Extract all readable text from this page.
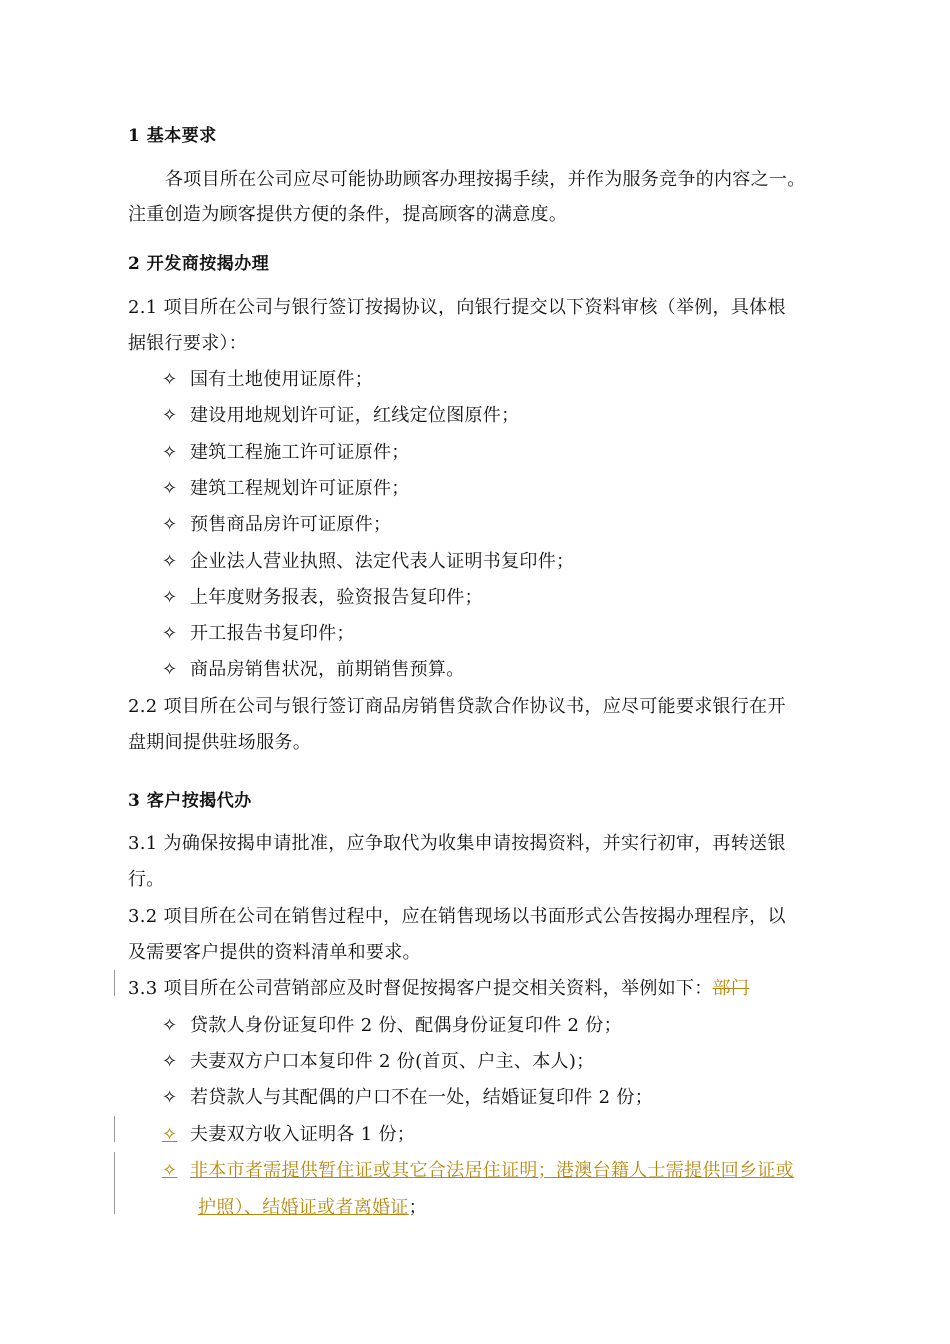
1 基本要求
各项目所在公司应尽可能协助顾客办理按揭手续，并作为服务竞争的内容之一。
注重创造为顾客提供方便的条件，提高顾客的满意度。
2 开发商按揭办理
2.1 项目所在公司与银行签订按揭协议，向银行提交以下资料审核（举例，具体根
据银行要求）：
✧ 国有土地使用证原件；
✧ 建设用地规划许可证，红线定位图原件；
✧ 建筑工程施工许可证原件；
✧ 建筑工程规划许可证原件；
✧ 预售商品房许可证原件；
✧ 企业法人营业执照、法定代表人证明书复印件；
✧ 上年度财务报表，验资报告复印件；
✧ 开工报告书复印件；
✧ 商品房销售状况，前期销售预算。
2.2 项目所在公司与银行签订商品房销售贷款合作协议书，应尽可能要求银行在开
盘期间提供驻场服务。
3 客户按揭代办
3.1 为确保按揭申请批准，应争取代为收集申请按揭资料，并实行初审，再转送银
行。
3.2 项目所在公司在销售过程中，应在销售现场以书面形式公告按揭办理程序，以
及需要客户提供的资料清单和要求。
3.3 项目所在公司营销部应及时督促按揭客户提交相关资料，举例如下：部门
✧ 贷款人身份证复印件 2 份、配偶身份证复印件 2 份；
✧ 夫妻双方户口本复印件 2 份(首页、户主、本人)；
✧ 若贷款人与其配偶的户口不在一处，结婚证复印件 2 份；
✧ 夫妻双方收入证明各 1 份；
✧ 非本市者需提供暂住证或其它合法居住证明；港澳台籍人士需提供回乡证或
护照）、结婚证或者离婚证；
